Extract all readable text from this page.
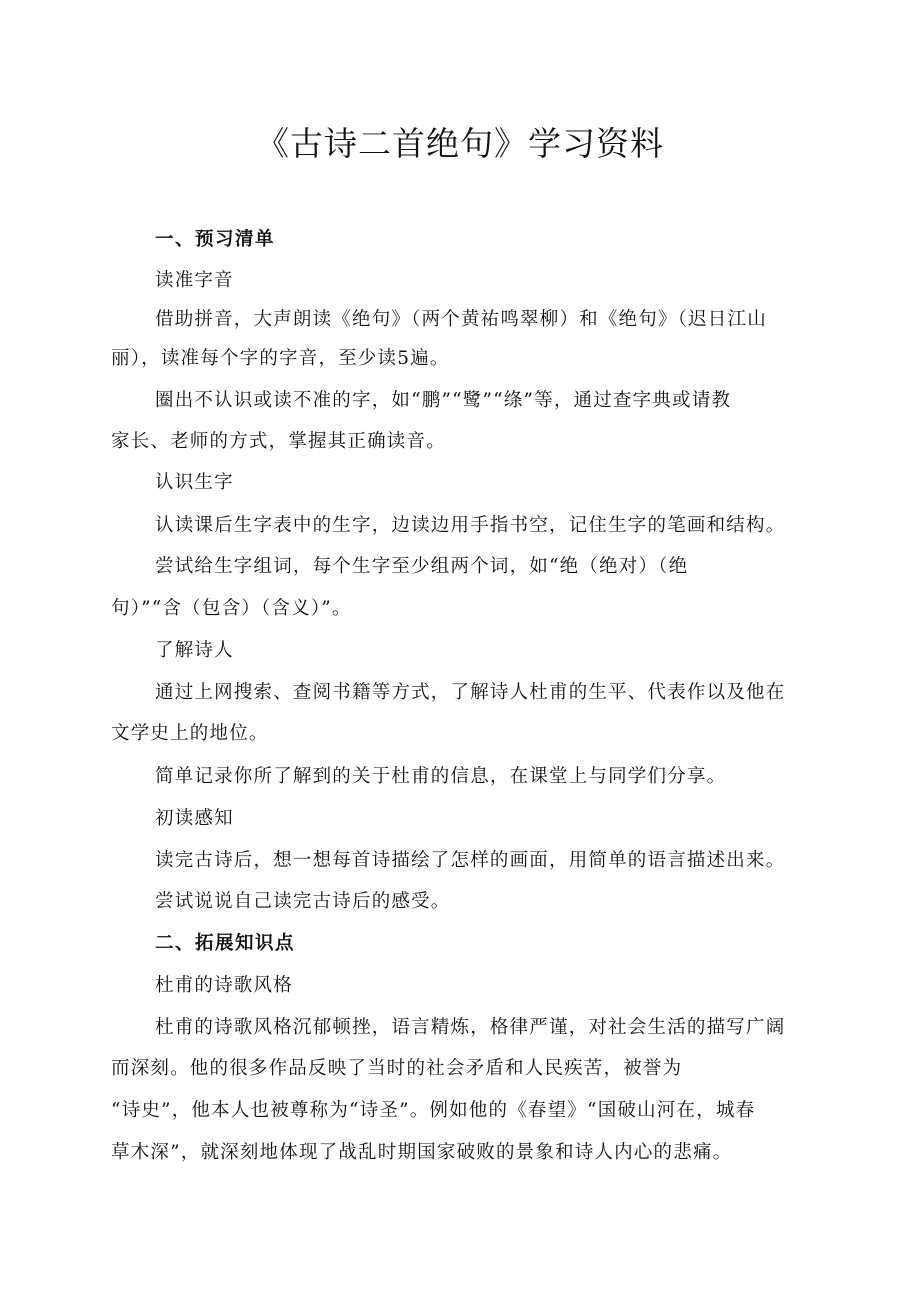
《古诗二首绝句》学习资料

一、预习清单

读准字音

借助拼音，大声朗读《绝句》（两个黄祐鸣翠柳）和《绝句》（迟日江山

丽），读准每个字的字音，至少读5遍。

圈出不认识或读不准的字，如“鹏”“鹭”“绦”等，通过查字典或请教

家长、老师的方式，掌握其正确读音。

认识生字

认读课后生字表中的生字，边读边用手指书空，记住生字的笔画和结构。

尝试给生字组词，每个生字至少组两个词，如“绝（绝对）（绝

句）”“含（包含）（含义）”。

了解诗人

通过上网搜索、查阅书籍等方式，了解诗人杜甫的生平、代表作以及他在

文学史上的地位。

简单记录你所了解到的关于杜甫的信息，在课堂上与同学们分享。

初读感知

读完古诗后，想一想每首诗描绘了怎样的画面，用简单的语言描述出来。

尝试说说自己读完古诗后的感受。

二、拓展知识点

杜甫的诗歌风格

杜甫的诗歌风格沉郁顿挫，语言精炼，格律严谨，对社会生活的描写广阔

而深刻。他的很多作品反映了当时的社会矛盾和人民疾苦，被誉为

“诗史”，他本人也被尊称为“诗圣”。例如他的《春望》“国破山河在，城春

草木深”，就深刻地体现了战乱时期国家破败的景象和诗人内心的悲痛。
